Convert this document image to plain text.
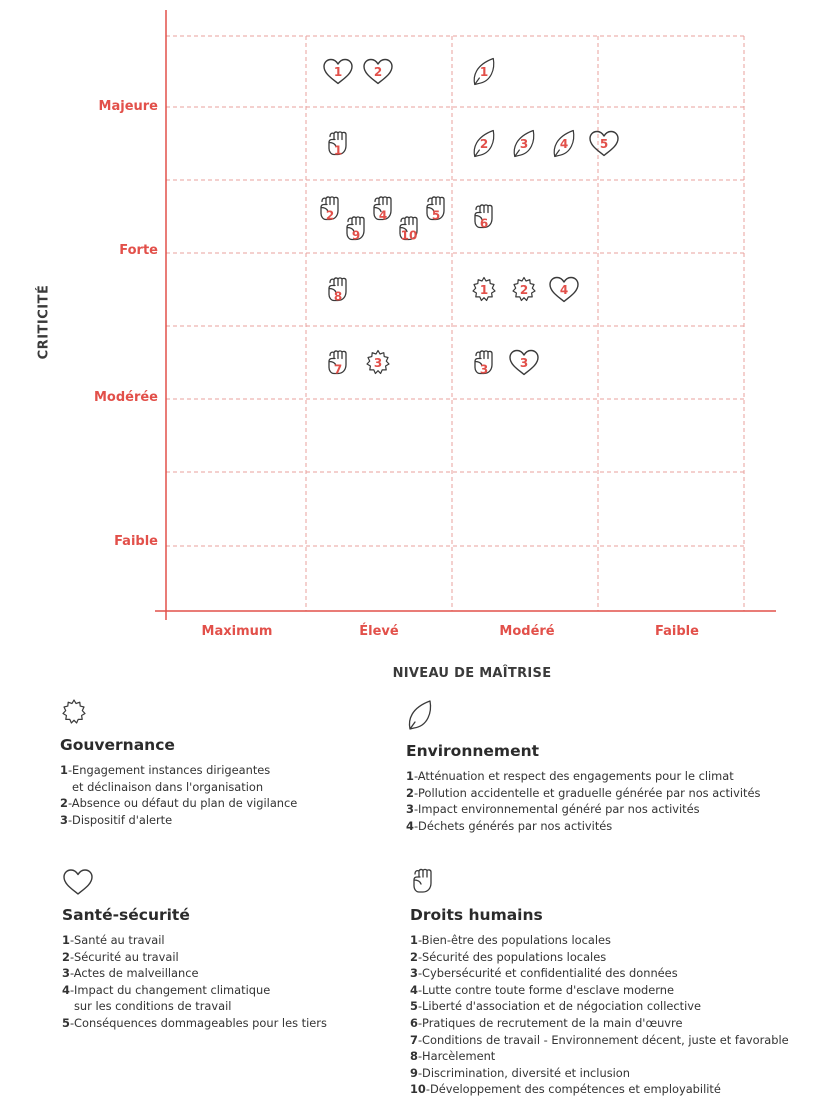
1	2	1
1	2	3	4	5
2	4	5
9	10
6
8	1	2	4
7	3	3	3
CRITICITÉ
NIVEAU DE MAÎTRISE
Majeure
Forte
Modérée
Faible
Maximum	Élevé	Modéré	Faible
Gouvernance
1-Engagement instances dirigeantes
et déclinaison dans l'organisation
2-Absence ou défaut du plan de vigilance
3-Dispositif d'alerte
Environnement
1-Atténuation et respect des engagements pour le climat
2-Pollution accidentelle et graduelle générée par nos activités
3-Impact environnemental généré par nos activités
4-Déchets générés par nos activités
Santé-sécurité
1-Santé au travail
2-Sécurité au travail
3-Actes de malveillance
4-Impact du changement climatique
sur les conditions de travail
5-Conséquences dommageables pour les tiers
Droits humains
1-Bien-être des populations locales
2-Sécurité des populations locales
3-Cybersécurité et confidentialité des données
4-Lutte contre toute forme d'esclave moderne
5-Liberté d'association et de négociation collective
6-Pratiques de recrutement de la main d'œuvre
7-Conditions de travail - Environnement décent, juste et favorable
8-Harcèlement
9-Discrimination, diversité et inclusion
10-Développement des compétences et employabilité
